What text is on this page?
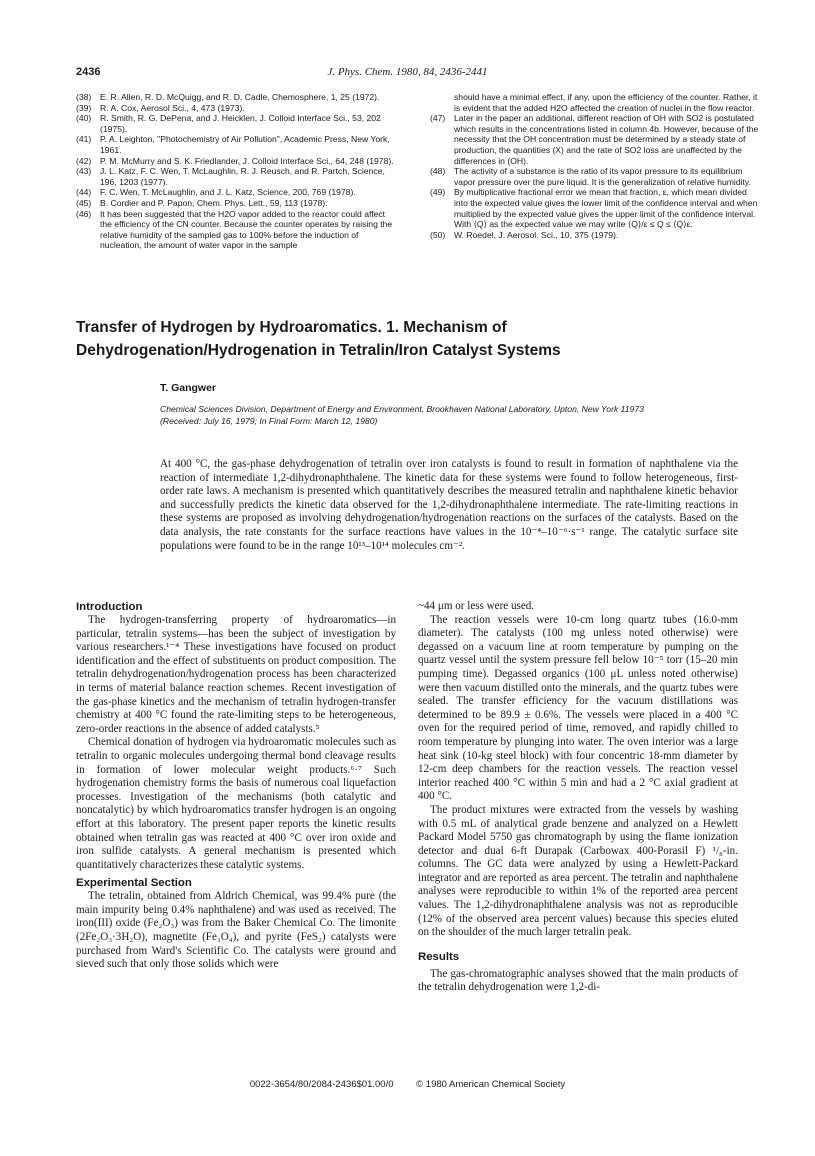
2436	J. Phys. Chem. 1980, 84, 2436-2441
(38)	E. R. Allen, R. D. McQuigg, and R. D. Cadle, Chemosphere, 1, 25 (1972).
(39)	R. A. Cox, Aerosol Sci., 4, 473 (1973).
(40)	R. Smith, R. G. DePena, and J. Heicklen, J. Colloid Interface Sci., 53, 202 (1975).
(41)	P. A. Leighton, "Photochemistry of Air Pollution", Academic Press, New York, 1961.
(42)	P. M. McMurry and S. K. Friedlander, J. Colloid Interface Sci., 64, 248 (1978).
(43)	J. L. Katz, F. C. Wen, T. McLaughlin, R. J. Reusch, and R. Partch, Science, 196, 1203 (1977).
(44)	F. C. Wen, T. McLaughlin, and J. L. Katz, Science, 200, 769 (1978).
(45)	B. Cordier and P. Papon, Chem. Phys. Lett., 59, 113 (1978).
(46)	It has been suggested that the H2O vapor added to the reactor could affect the efficiency of the CN counter. Because the counter operates by raising the relative humidity of the sampled gas to 100% before the induction of nucleation, the amount of water vapor in the sample
should have a minimal effect, if any, upon the efficiency of the counter. Rather, it is evident that the added H2O affected the creation of nuclei in the flow reactor.
(47)	Later in the paper an additional, different reaction of OH with SO2 is postulated which results in the concentrations listed in column 4b. However, because of the necessity that the OH concentration must be determined by a steady state of production, the quantities (X) and the rate of SO2 loss are unaffected by the differences in (OH).
(48)	The activity of a substance is the ratio of its vapor pressure to its equilibrium vapor pressure over the pure liquid. It is the generalization of relative humidity.
(49)	By multiplicative fractional error we mean that fraction, ε, which mean divided into the expected value gives the lower limit of the confidence interval and when multiplied by the expected value gives the upper limit of the confidence interval. With ⟨Q⟩ as the expected value we may write ⟨Q⟩/ε ≤ Q ≤ ⟨Q⟩ε.
(50)	W. Roedel, J. Aerosol. Sci., 10, 375 (1979).
Transfer of Hydrogen by Hydroaromatics. 1. Mechanism of
Dehydrogenation/Hydrogenation in Tetralin/Iron Catalyst Systems
T. Gangwer
Chemical Sciences Division, Department of Energy and Environment, Brookhaven National Laboratory, Upton, New York 11973
(Received: July 16, 1979; In Final Form: March 12, 1980)
At 400 °C, the gas-phase dehydrogenation of tetralin over iron catalysts is found to result in formation of naphthalene via the reaction of intermediate 1,2-dihydronaphthalene. The kinetic data for these systems were found to follow heterogeneous, first-order rate laws. A mechanism is presented which quantitatively describes the measured tetralin and naphthalene kinetic behavior and successfully predicts the kinetic data observed for the 1,2-dihydronaphthalene intermediate. The rate-limiting reactions in these systems are proposed as involving dehydrogenation/hydrogenation reactions on the surfaces of the catalysts. Based on the data analysis, the rate constants for the surface reactions have values in the 10⁻⁴–10⁻⁶·s⁻¹ range. The catalytic surface site populations were found to be in the range 10¹³–10¹⁴ molecules cm⁻².
Introduction

The hydrogen-transferring property of hydroaromatics—in particular, tetralin systems—has been the subject of investigation by various researchers.¹⁻⁴ These investigations have focused on product identification and the effect of substituents on product composition. The tetralin dehydrogenation/hydrogenation process has been characterized in terms of material balance reaction schemes. Recent investigation of the gas-phase kinetics and the mechanism of tetralin hydrogen-transfer chemistry at 400 °C found the rate-limiting steps to be heterogeneous, zero-order reactions in the absence of added catalysts.⁵

Chemical donation of hydrogen via hydroaromatic molecules such as tetralin to organic molecules undergoing thermal bond cleavage results in formation of lower molecular weight products.⁶·⁷ Such hydrogenation chemistry forms the basis of numerous coal liquefaction processes. Investigation of the mechanisms (both catalytic and noncatalytic) by which hydroaromatics transfer hydrogen is an ongoing effort at this laboratory. The present paper reports the kinetic results obtained when tetralin gas was reacted at 400 °C over iron oxide and iron sulfide catalysts. A general mechanism is presented which quantitatively characterizes these catalytic systems.

Experimental Section

The tetralin, obtained from Aldrich Chemical, was 99.4% pure (the main impurity being 0.4% naphthalene) and was used as received. The iron(III) oxide (Fe₂O₃) was from the Baker Chemical Co. The limonite (2Fe₂O₃·3H₂O), magnetite (Fe₃O₄), and pyrite (FeS₂) catalysts were purchased from Ward's Scientific Co. The catalysts were ground and sieved such that only those solids which were

~44 μm or less were used.

The reaction vessels were 10-cm long quartz tubes (16.0-mm diameter). The catalysts (100 mg unless noted otherwise) were degassed on a vacuum line at room temperature by pumping on the quartz vessel until the system pressure fell below 10⁻⁵ torr (15–20 min pumping time). Degassed organics (100 μL unless noted otherwise) were then vacuum distilled onto the minerals, and the quartz tubes were sealed. The transfer efficiency for the vacuum distillations was determined to be 89.9 ± 0.6%. The vessels were placed in a 400 °C oven for the required period of time, removed, and rapidly chilled to room temperature by plunging into water. The oven interior was a large heat sink (10-kg steel block) with four concentric 18-mm diameter by 12-cm deep chambers for the reaction vessels. The reaction vessel interior reached 400 °C within 5 min and had a 2 °C axial gradient at 400 °C.

The product mixtures were extracted from the vessels by washing with 0.5 mL of analytical grade benzene and analyzed on a Hewlett Packard Model 5750 gas chromatograph by using the flame ionization detector and dual 6-ft Durapak (Carbowax 400-Porasil F) ¹/₈-in. columns. The GC data were analyzed by using a Hewlett-Packard integrator and are reported as area percent. The tetralin and naphthalene analyses were reproducible to within 1% of the reported area percent values. The 1,2-dihydronaphthalene analysis was not as reproducible (12% of the observed area percent values) because this species eluted on the shoulder of the much larger tetralin peak.

Results

The gas-chromatographic analyses showed that the main products of the tetralin dehydrogenation were 1,2-di-

0022-3654/80/2084-2436$01.00/0 © 1980 American Chemical Society
